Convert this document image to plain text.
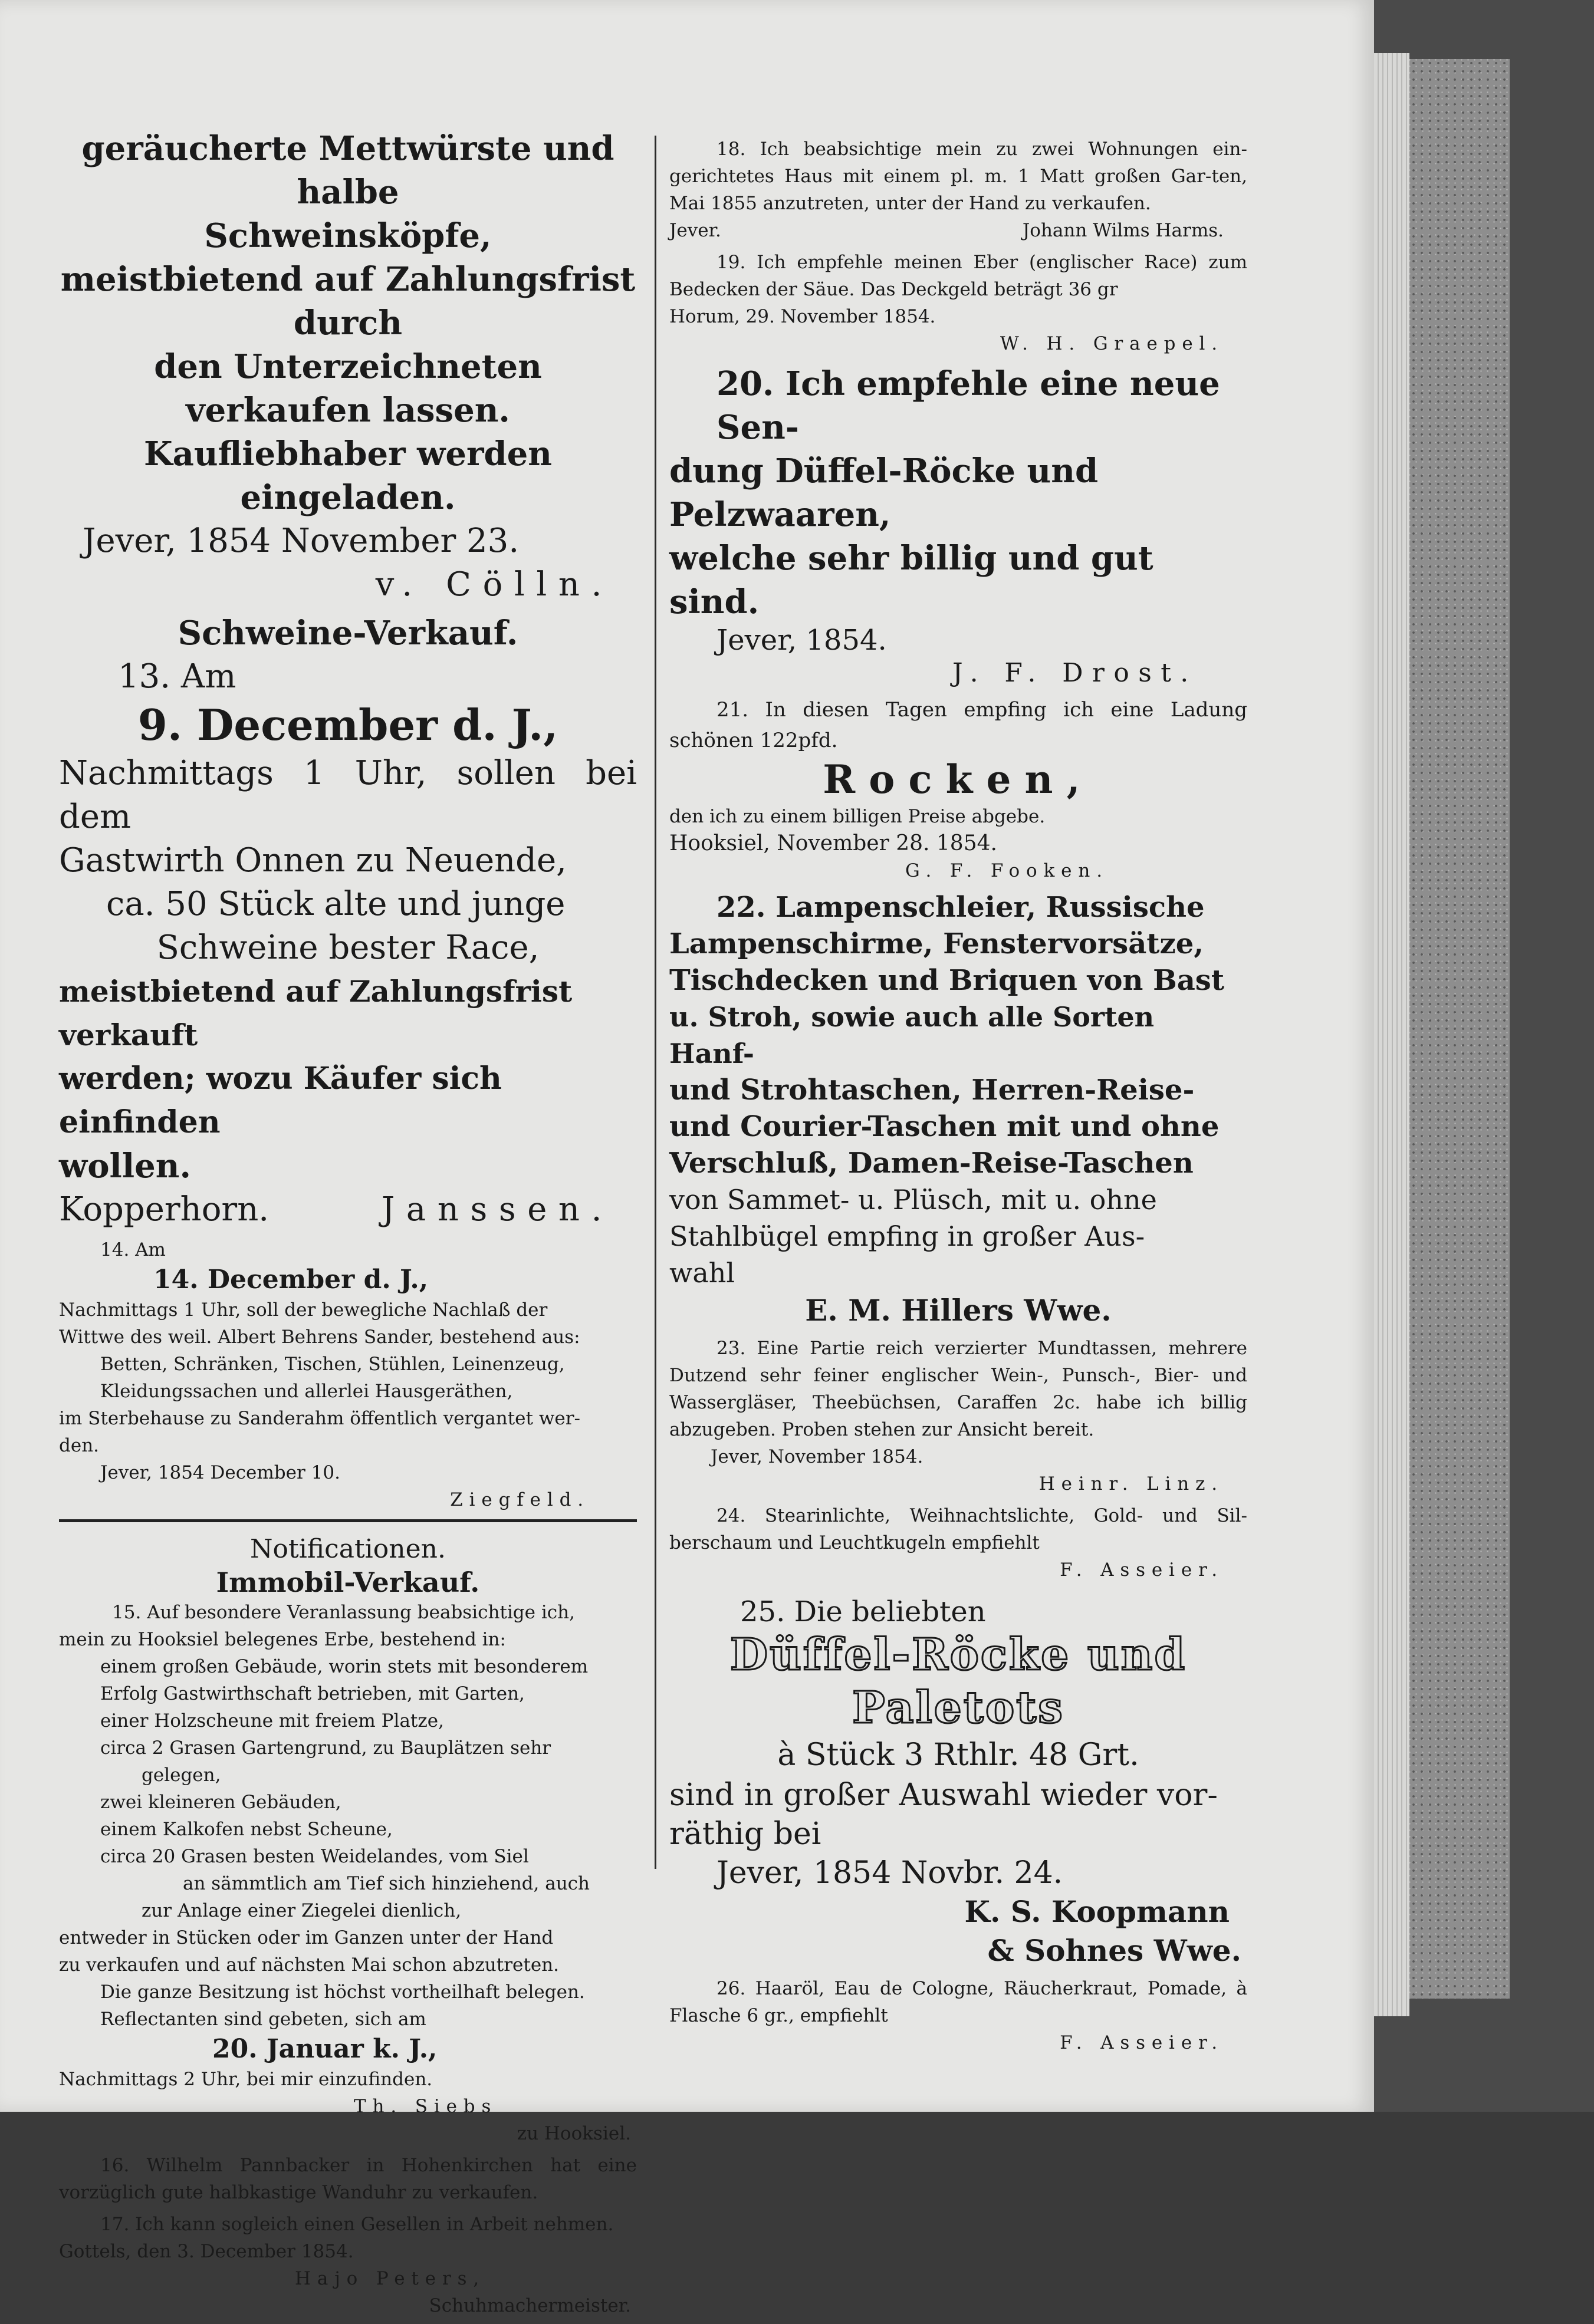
geräucherte Mettwürste und halbe
Schweinsköpfe,
meistbietend auf Zahlungsfrist durch
den Unterzeichneten verkaufen lassen.
Kaufliebhaber werden eingeladen.
Jever, 1854 November 23.
v. Cölln.
Schweine-Verkauf.
13. Am
9. December d. J.,
Nachmittags 1 Uhr, sollen bei dem
Gastwirth Onnen zu Neuende,
ca. 50 Stück alte und junge
Schweine bester Race,
meistbietend auf Zahlungsfrist verkauft
werden; wozu Käufer sich einfinden
wollen.
Kopperhorn.	Janssen.
14. Am
14. December d. J.,
Nachmittags 1 Uhr, soll der bewegliche Nachlaß der
Wittwe des weil. Albert Behrens Sander, bestehend aus:
Betten, Schränken, Tischen, Stühlen, Leinenzeug,
Kleidungssachen und allerlei Hausgeräthen,
im Sterbehause zu Sanderahm öffentlich vergantet wer-
den.
Jever, 1854 December 10.
Ziegfeld.
Notificationen.
Immobil-Verkauf.
15. Auf besondere Veranlassung beabsichtige ich,
mein zu Hooksiel belegenes Erbe, bestehend in:
einem großen Gebäude, worin stets mit besonderem
Erfolg Gastwirthschaft betrieben, mit Garten,
einer Holzscheune mit freiem Platze,
circa 2 Grasen Gartengrund, zu Bauplätzen sehr
gelegen,
zwei kleineren Gebäuden,
einem Kalkofen nebst Scheune,
circa 20 Grasen besten Weidelandes, vom Siel
an sämmtlich am Tief sich hinziehend, auch
zur Anlage einer Ziegelei dienlich,
entweder in Stücken oder im Ganzen unter der Hand
zu verkaufen und auf nächsten Mai schon abzutreten.
Die ganze Besitzung ist höchst vortheilhaft belegen.
Reflectanten sind gebeten, sich am
20. Januar k. J.,
Nachmittags 2 Uhr, bei mir einzufinden.
Th. Siebs
zu Hooksiel.
16. Wilhelm Pannbacker in Hohenkirchen hat eine vorzüglich gute halbkastige Wanduhr zu verkaufen.
17. Ich kann sogleich einen Gesellen in Arbeit nehmen.
Gottels, den 3. December 1854.
Hajo Peters,
Schuhmachermeister.
18. Ich beabsichtige mein zu zwei Wohnungen ein-gerichtetes Haus mit einem pl. m. 1 Matt großen Gar-ten, Mai 1855 anzutreten, unter der Hand zu verkaufen.
Jever.	Johann Wilms Harms.
19. Ich empfehle meinen Eber (englischer Race) zum Bedecken der Säue. Das Deckgeld beträgt 36 gr
Horum, 29. November 1854.
W. H. Graepel.
20. Ich empfehle eine neue Sen-
dung Düffel-Röcke und Pelzwaaren,
welche sehr billig und gut sind.
Jever, 1854.
J. F. Drost.
21. In diesen Tagen empfing ich eine Ladung schönen 122pfd.
Rocken,
den ich zu einem billigen Preise abgebe.
Hooksiel, November 28. 1854.
G. F. Fooken.
22. Lampenschleier, Russische
Lampenschirme, Fenstervorsätze,
Tischdecken und Briquen von Bast
u. Stroh, sowie auch alle Sorten Hanf-
und Strohtaschen, Herren-Reise-
und Courier-Taschen mit und ohne
Verschluß, Damen-Reise-Taschen
von Sammet- u. Plüsch, mit u. ohne
Stahlbügel empfing in großer Aus-
wahl
E. M. Hillers Wwe.
23. Eine Partie reich verzierter Mundtassen, mehrere Dutzend sehr feiner englischer Wein-, Punsch-, Bier- und Wassergläser, Theebüchsen, Caraffen 2c. habe ich billig abzugeben. Proben stehen zur Ansicht bereit.
Jever, November 1854.
Heinr. Linz.
24. Stearinlichte, Weihnachtslichte, Gold- und Sil-berschaum und Leuchtkugeln empfiehlt
F. Asseier.
25. Die beliebten
Düffel-Röcke und
Paletots
à Stück 3 Rthlr. 48 Grt.
sind in großer Auswahl wieder vor-
räthig bei
Jever, 1854 Novbr. 24.
K. S. Koopmann
& Sohnes Wwe.
26. Haaröl, Eau de Cologne, Räucherkraut, Pomade, à Flasche 6 gr., empfiehlt
F. Asseier.
